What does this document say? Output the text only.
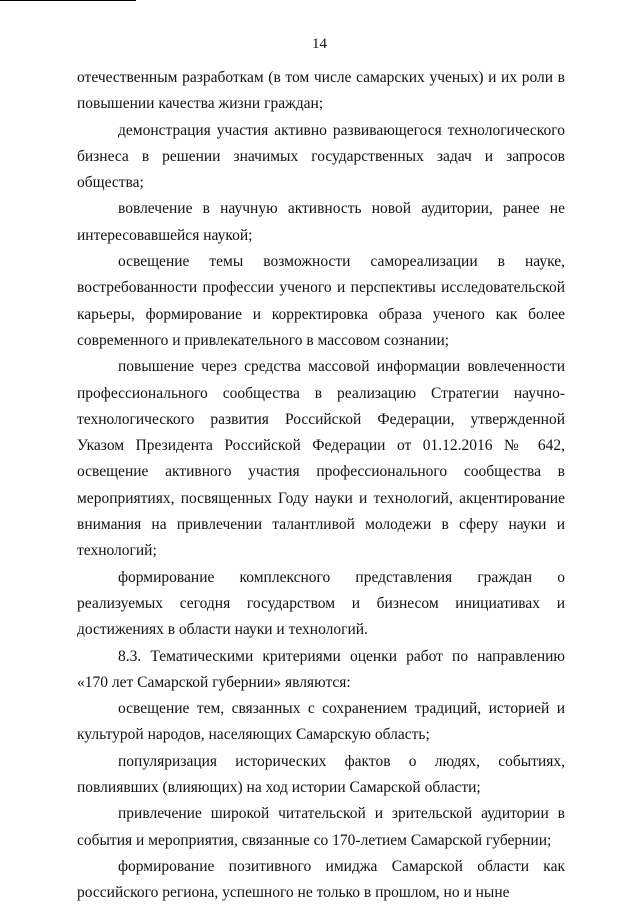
14

отечественным разработкам (в том числе самарских ученых) и их роли в повышении качества жизни граждан;

демонстрация участия активно развивающегося технологического бизнеса в решении значимых государственных задач и запросов общества;

вовлечение в научную активность новой аудитории, ранее не интересовавшейся наукой;

освещение темы возможности самореализации в науке, востребованности профессии ученого и перспективы исследовательской карьеры, формирование и корректировка образа ученого как более современного и привлекательного в массовом сознании;

повышение через средства массовой информации вовлеченности профессионального сообщества в реализацию Стратегии научно-технологического развития Российской Федерации, утвержденной Указом Президента Российской Федерации от 01.12.2016 № 642, освещение активного участия профессионального сообщества в мероприятиях, посвященных Году науки и технологий, акцентирование внимания на привлечении талантливой молодежи в сферу науки и технологий;

формирование комплексного представления граждан о реализуемых сегодня государством и бизнесом инициативах и достижениях в области науки и технологий.

8.3. Тематическими критериями оценки работ по направлению «170 лет Самарской губернии» являются:

освещение тем, связанных с сохранением традиций, историей и культурой народов, населяющих Самарскую область;

популяризация исторических фактов о людях, событиях, повлиявших (влияющих) на ход истории Самарской области;

привлечение широкой читательской и зрительской аудитории в события и мероприятия, связанные со 170-летием Самарской губернии;

формирование позитивного имиджа Самарской области как российского региона, успешного не только в прошлом, но и ныне
